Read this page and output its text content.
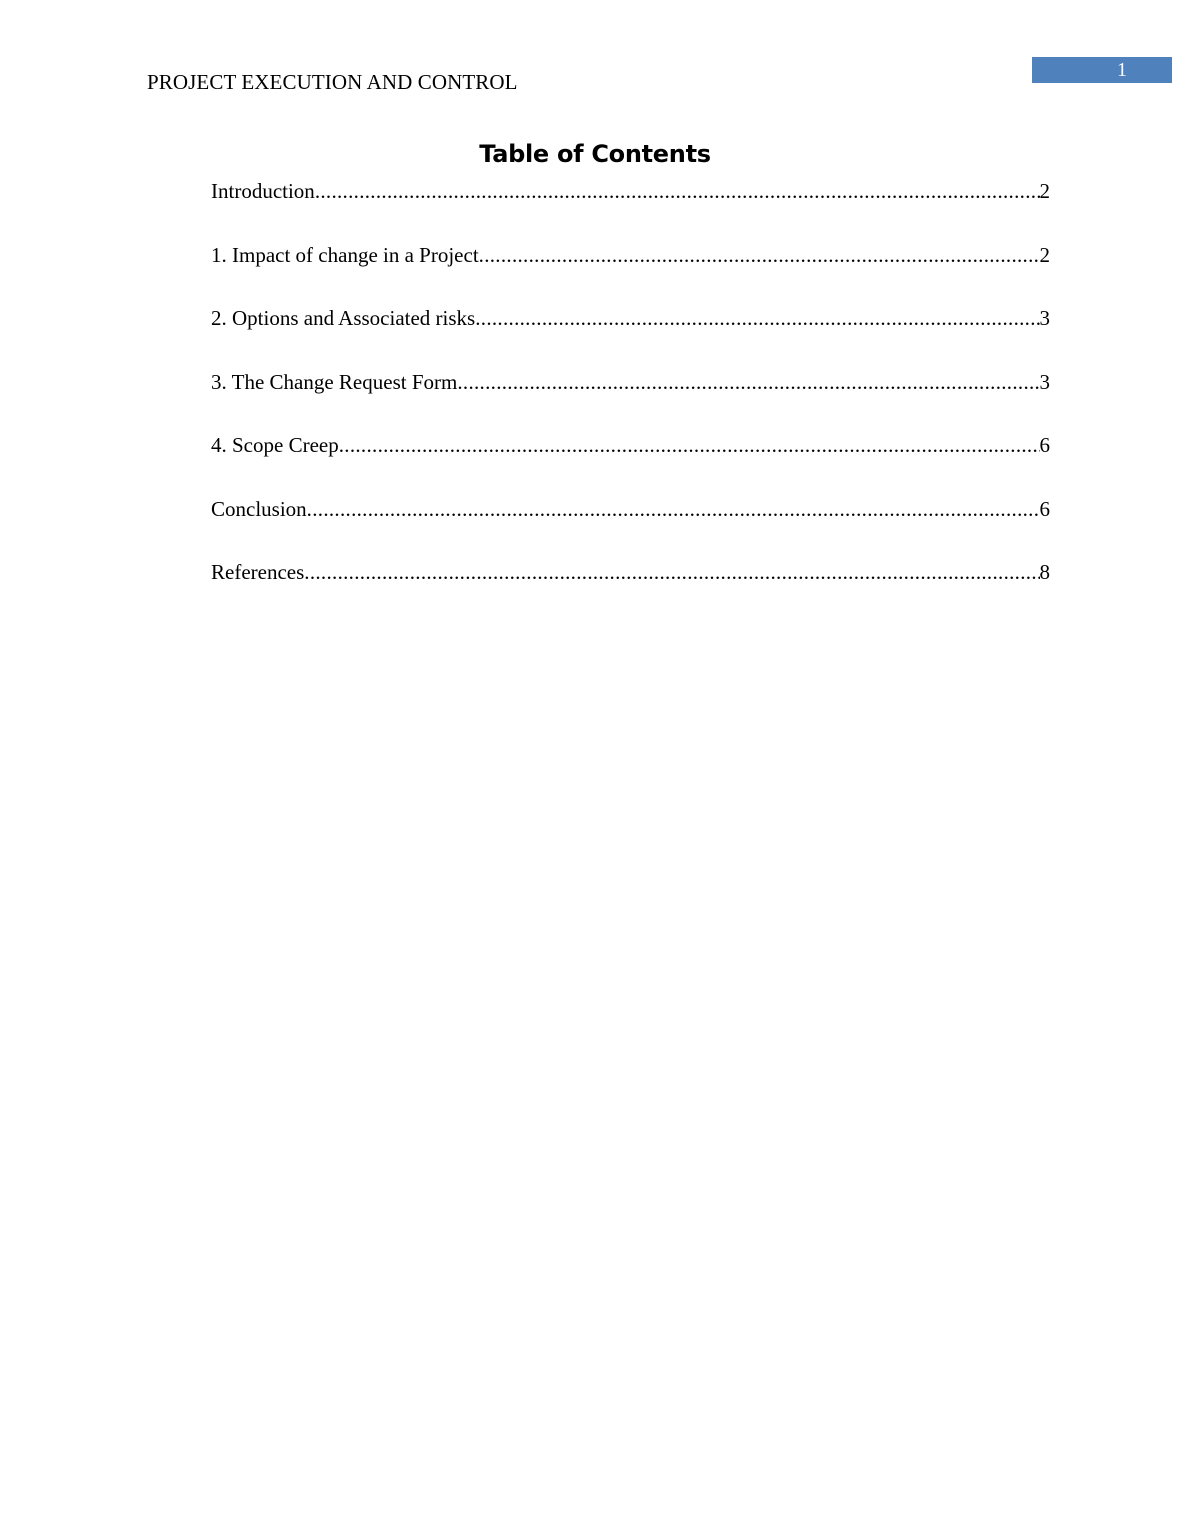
PROJECT EXECUTION AND CONTROL	1
Table of Contents
Introduction .....	2
1. Impact of change in a Project .....	2
2. Options and Associated risks .....	3
3. The Change Request Form .....	3
4. Scope Creep .....	6
Conclusion .....	6
References .....	8
